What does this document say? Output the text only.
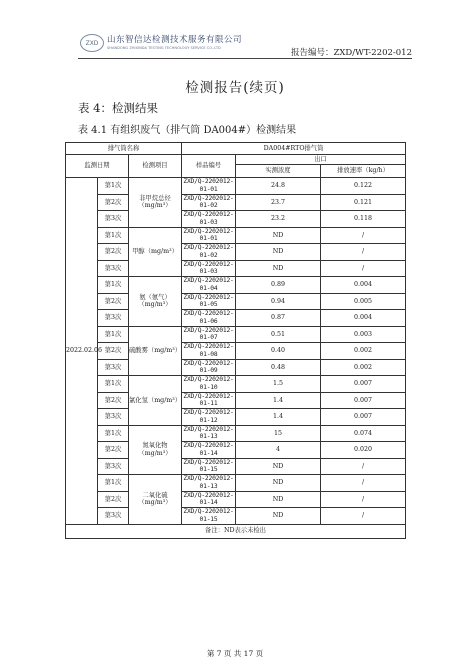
ZXD	山东智信达检测技术服务有限公司
SHANDONG ZHIXINDA TESTING TECHNOLOGY SERVICE CO.,LTD	报告编号：ZXD/WT-2202-012
检测报告(续页)
表 4：检测结果
表 4.1 有组织废气（排气筒 DA004#）检测结果
排气筒名称			DA004#RTO排气筒		
监测日期		检测项目	样品编号	出口	
				实测浓度	排放速率（kg/h）
2022.02.06	第1次	非甲烷总烃（mg/m³）	ZXD/Q-2202012-01-01	24.8	0.122
	第2次		ZXD/Q-2202012-01-02	23.7	0.121
	第3次		ZXD/Q-2202012-01-03	23.2	0.118
	第1次	甲醇（mg/m³）	ZXD/Q-2202012-01-01	ND	/
	第2次		ZXD/Q-2202012-01-02	ND	/
	第3次		ZXD/Q-2202012-01-03	ND	/
	第1次	氨（氨气）（mg/m³）	ZXD/Q-2202012-01-04	0.89	0.004
	第2次		ZXD/Q-2202012-01-05	0.94	0.005
	第3次		ZXD/Q-2202012-01-06	0.87	0.004
	第1次	硫酸雾（mg/m³）	ZXD/Q-2202012-01-07	0.51	0.003
	第2次		ZXD/Q-2202012-01-08	0.40	0.002
	第3次		ZXD/Q-2202012-01-09	0.48	0.002
	第1次	氯化氢（mg/m³）	ZXD/Q-2202012-01-10	1.5	0.007
	第2次		ZXD/Q-2202012-01-11	1.4	0.007
	第3次		ZXD/Q-2202012-01-12	1.4	0.007
	第1次	氮氧化物（mg/m³）	ZXD/Q-2202012-01-13	15	0.074
	第2次		ZXD/Q-2202012-01-14	4	0.020
	第3次		ZXD/Q-2202012-01-15	ND	/
	第1次	二氧化硫（mg/m³）	ZXD/Q-2202012-01-13	ND	/
	第2次		ZXD/Q-2202012-01-14	ND	/
	第3次		ZXD/Q-2202012-01-15	ND	/
备注：ND表示未检出					
第 7 页 共 17 页
